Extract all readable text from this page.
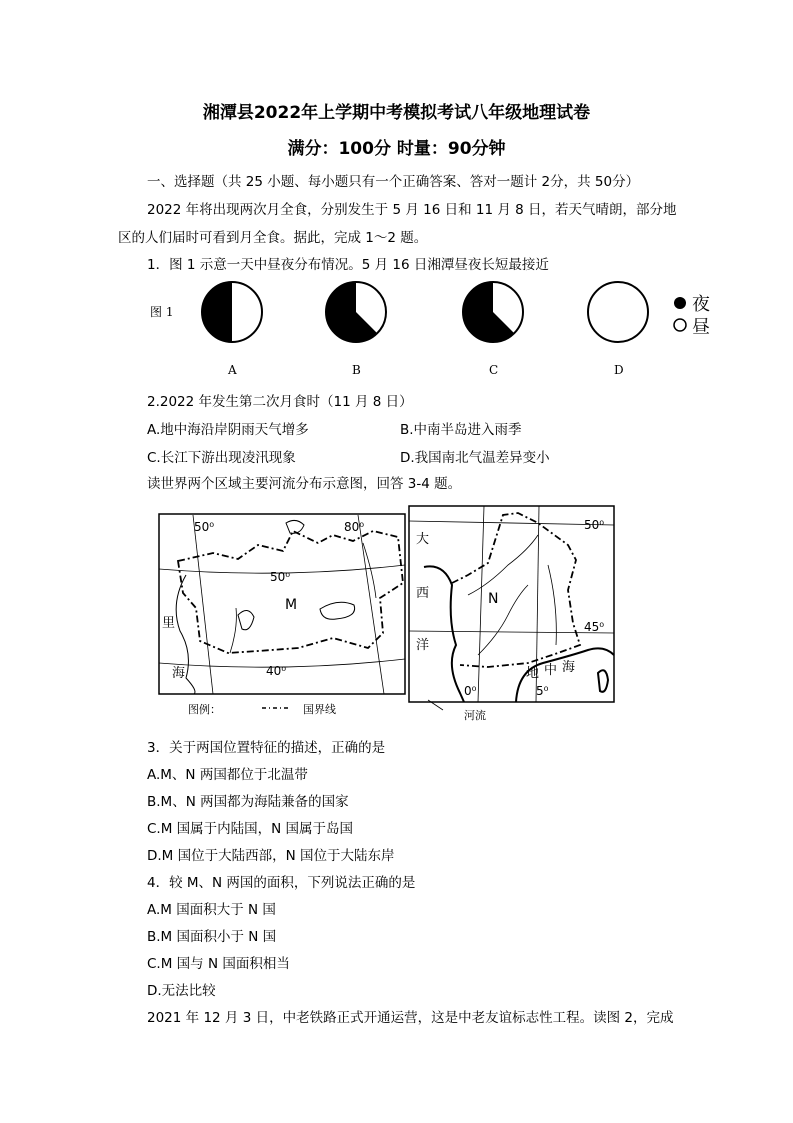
湘潭县2022年上学期中考模拟考试八年级地理试卷
满分：100分 时量：90分钟
一、选择题（共 25 小题、每小题只有一个正确答案、答对一题计 2分，共 50分）
2022 年将出现两次月全食，分别发生于 5 月 16 日和 11 月 8 日，若天气晴朗，部分地
区的人们届时可看到月全食。据此，完成 1～2 题。
1．图 1 示意一天中昼夜分布情况。5 月 16 日湘潭昼夜长短最接近
图 1
A	B	C	D
夜
昼
2.2022 年发生第二次月食时（11 月 8 日）
A.地中海沿岸阴雨天气增多	B.中南半岛进入雨季
C.长江下游出现凌汛现象	D.我国南北气温差异变小
读世界两个区域主要河流分布示意图，回答 3-4 题。
50⁰	80⁰
50⁰
40⁰
M
里
海
图例：	国界线
大
西
洋
N
50⁰
45⁰
0⁰	5⁰
地 中 海
河流
3．关于两国位置特征的描述，正确的是
A.M、N 两国都位于北温带
B.M、N 两国都为海陆兼备的国家
C.M 国属于内陆国，N 国属于岛国
D.M 国位于大陆西部，N 国位于大陆东岸
4．较 M、N 两国的面积，下列说法正确的是
A.M 国面积大于 N 国
B.M 国面积小于 N 国
C.M 国与 N 国面积相当
D.无法比较
2021 年 12 月 3 日，中老铁路正式开通运营，这是中老友谊标志性工程。读图 2，完成
